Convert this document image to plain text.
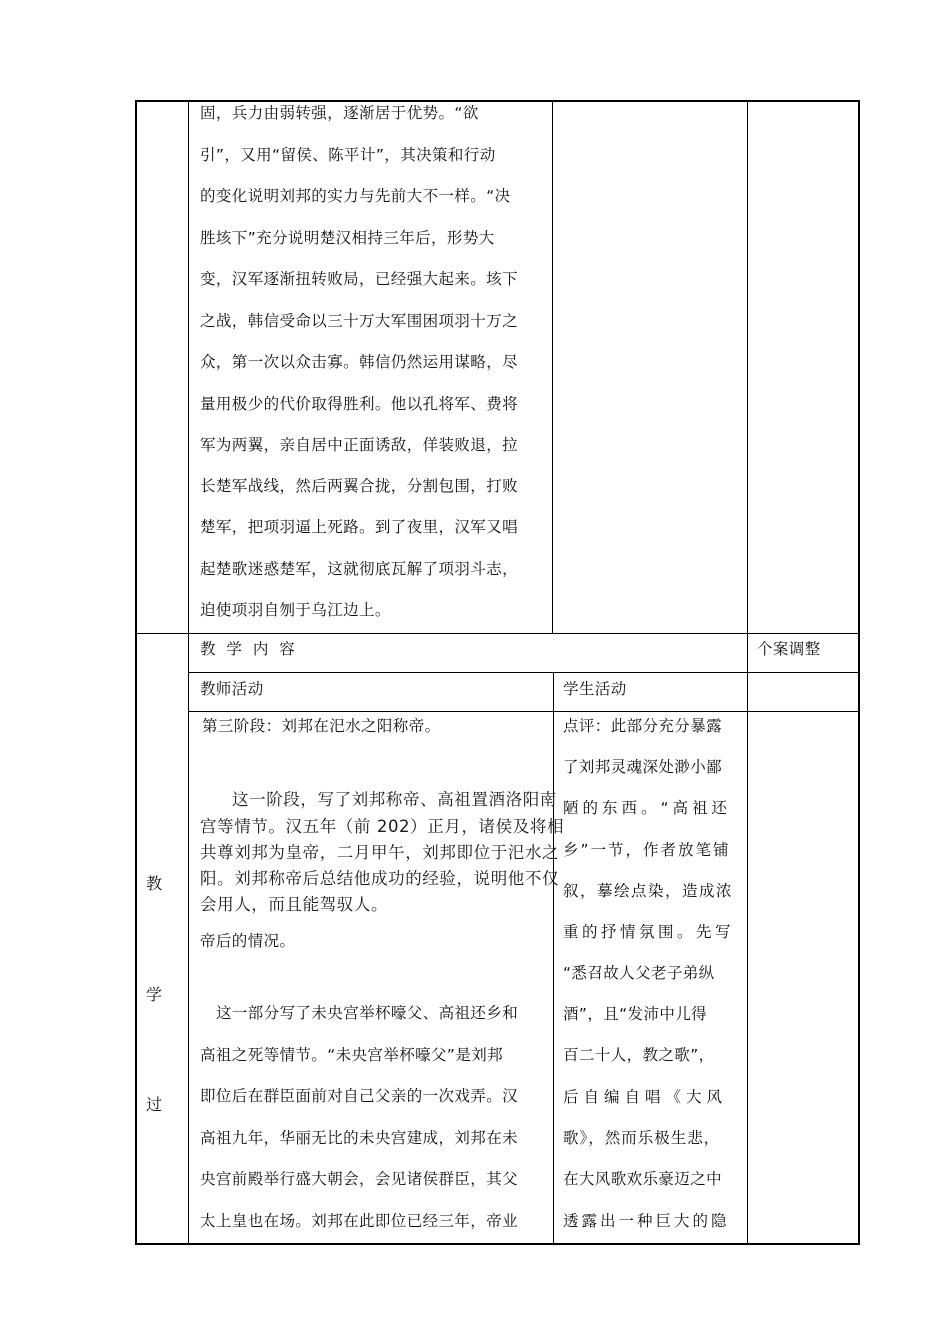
固，兵力由弱转强，逐渐居于优势。“欲
引”，又用“留侯、陈平计”，其决策和行动
的变化说明刘邦的实力与先前大不一样。“决
胜垓下”充分说明楚汉相持三年后，形势大
变，汉军逐渐扭转败局，已经强大起来。垓下
之战，韩信受命以三十万大军围困项羽十万之
众，第一次以众击寡。韩信仍然运用谋略，尽
量用极少的代价取得胜利。他以孔将军、费将
军为两翼，亲自居中正面诱敌，佯装败退，拉
长楚军战线，然后两翼合拢，分割包围，打败
楚军，把项羽逼上死路。到了夜里，汉军又唱
起楚歌迷惑楚军，这就彻底瓦解了项羽斗志，
迫使项羽自刎于乌江边上。
教 学 内 容	个案调整
教师活动	学生活动
教
学
过
第三阶段：刘邦在汜水之阳称帝。
这一阶段，写了刘邦称帝、高祖置酒洛阳南
宫等情节。汉五年（前 202）正月，诸侯及将相
共尊刘邦为皇帝，二月甲午，刘邦即位于汜水之
阳。刘邦称帝后总结他成功的经验，说明他不仅
会用人，而且能驾驭人。
帝后的情况。
这一部分写了未央宫举杯嚎父、高祖还乡和
高祖之死等情节。“未央宫举杯嚎父”是刘邦
即位后在群臣面前对自己父亲的一次戏弄。汉
高祖九年，华丽无比的未央宫建成，刘邦在未
央宫前殿举行盛大朝会，会见诸侯群臣，其父
太上皇也在场。刘邦在此即位已经三年，帝业
点评：此部分充分暴露
了刘邦灵魂深处渺小鄙
陋的东西。“高祖还
乡”一节，作者放笔铺
叙，摹绘点染，造成浓
重的抒情氛围。先写
“悉召故人父老子弟纵
酒”，且“发沛中儿得
百二十人，教之歌”，
后自编自唱《大风
歌》，然而乐极生悲，
在大风歌欢乐豪迈之中
透露出一种巨大的隐
